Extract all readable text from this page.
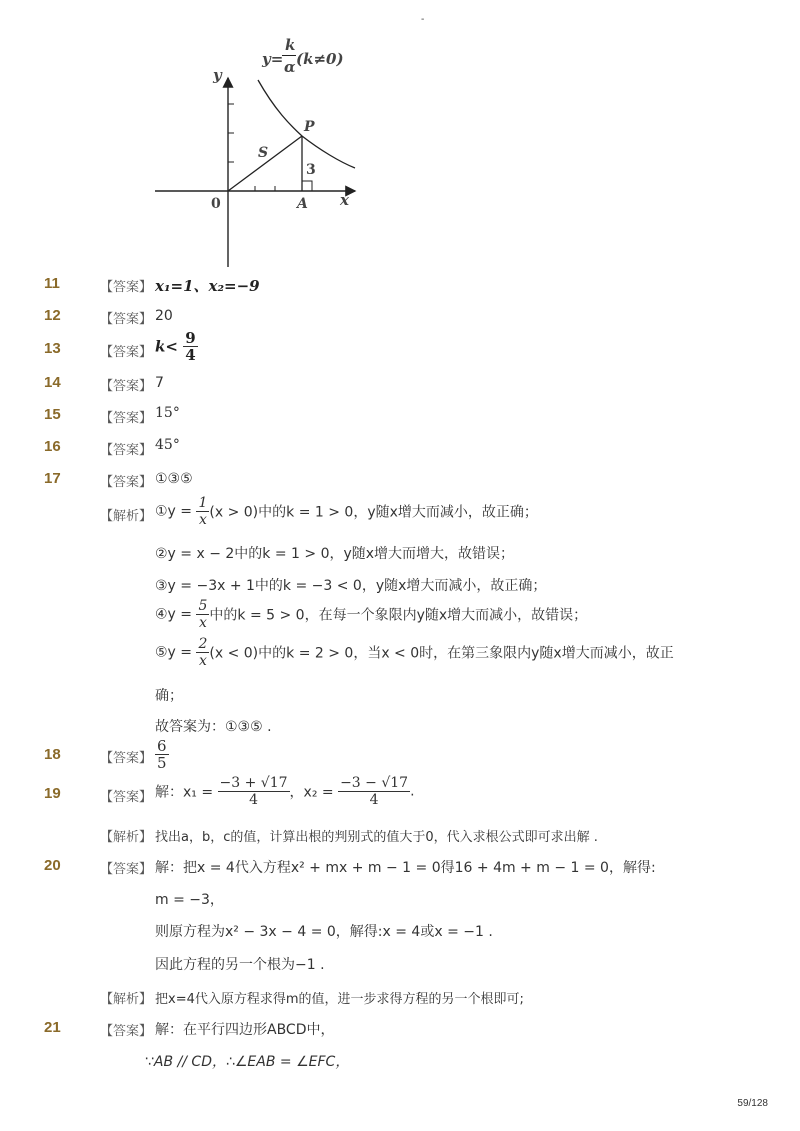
-
y=
k
α (k≠0)
y
x
0
P
S
3
A
11	【答案】 x₁=1、x₂=−9
12	【答案】 20
13	【答案】 $k< \frac{9}{4}$
14	【答案】 7
15	【答案】 15°
16	【答案】 45°
17	【答案】 ①③⑤
【解析】 ①y = $\frac{1}{x} (x > 0)$中的k = 1 > 0，y随x增大而减小，故正确；
②y = x − 2中的k = 1 > 0，y随x增大而增大，故错误；
③y = −3x + 1中的k = −3 < 0，y随x增大而减小，故正确；
④y = $\frac{5}{x}$ 中的k = 5 > 0，在每一个象限内y随x增大而减小，故错误；
⑤y = $\frac{2}{x} (x < 0)$中的k = 2 > 0，当x < 0时，在第三象限内y随x增大而减小，故正
确；
故答案为：①③⑤ .
18	【答案】 $\frac{6}{5}$
19	【答案】 解：$x_1 = \frac{-3 + √17}{4}$ ，$x_2 = \frac{-3 - √17}{4}$ .
【解析】 找出a，b，c的值，计算出根的判别式的值大于0，代入求根公式即可求出解 .
20	【答案】 解：把x = 4代入方程x² + mx + m − 1 = 0得16 + 4m + m − 1 = 0，解得:
m = −3，
则原方程为x² − 3x − 4 = 0，解得:x = 4或x = −1 .
因此方程的另一个根为−1 .
【解析】 把x=4代入原方程求得m的值，进一步求得方程的另一个根即可;
21	【答案】 解：在平行四边形ABCD中，
∵AB // CD，∴∠EAB = ∠EFC，
59/128
